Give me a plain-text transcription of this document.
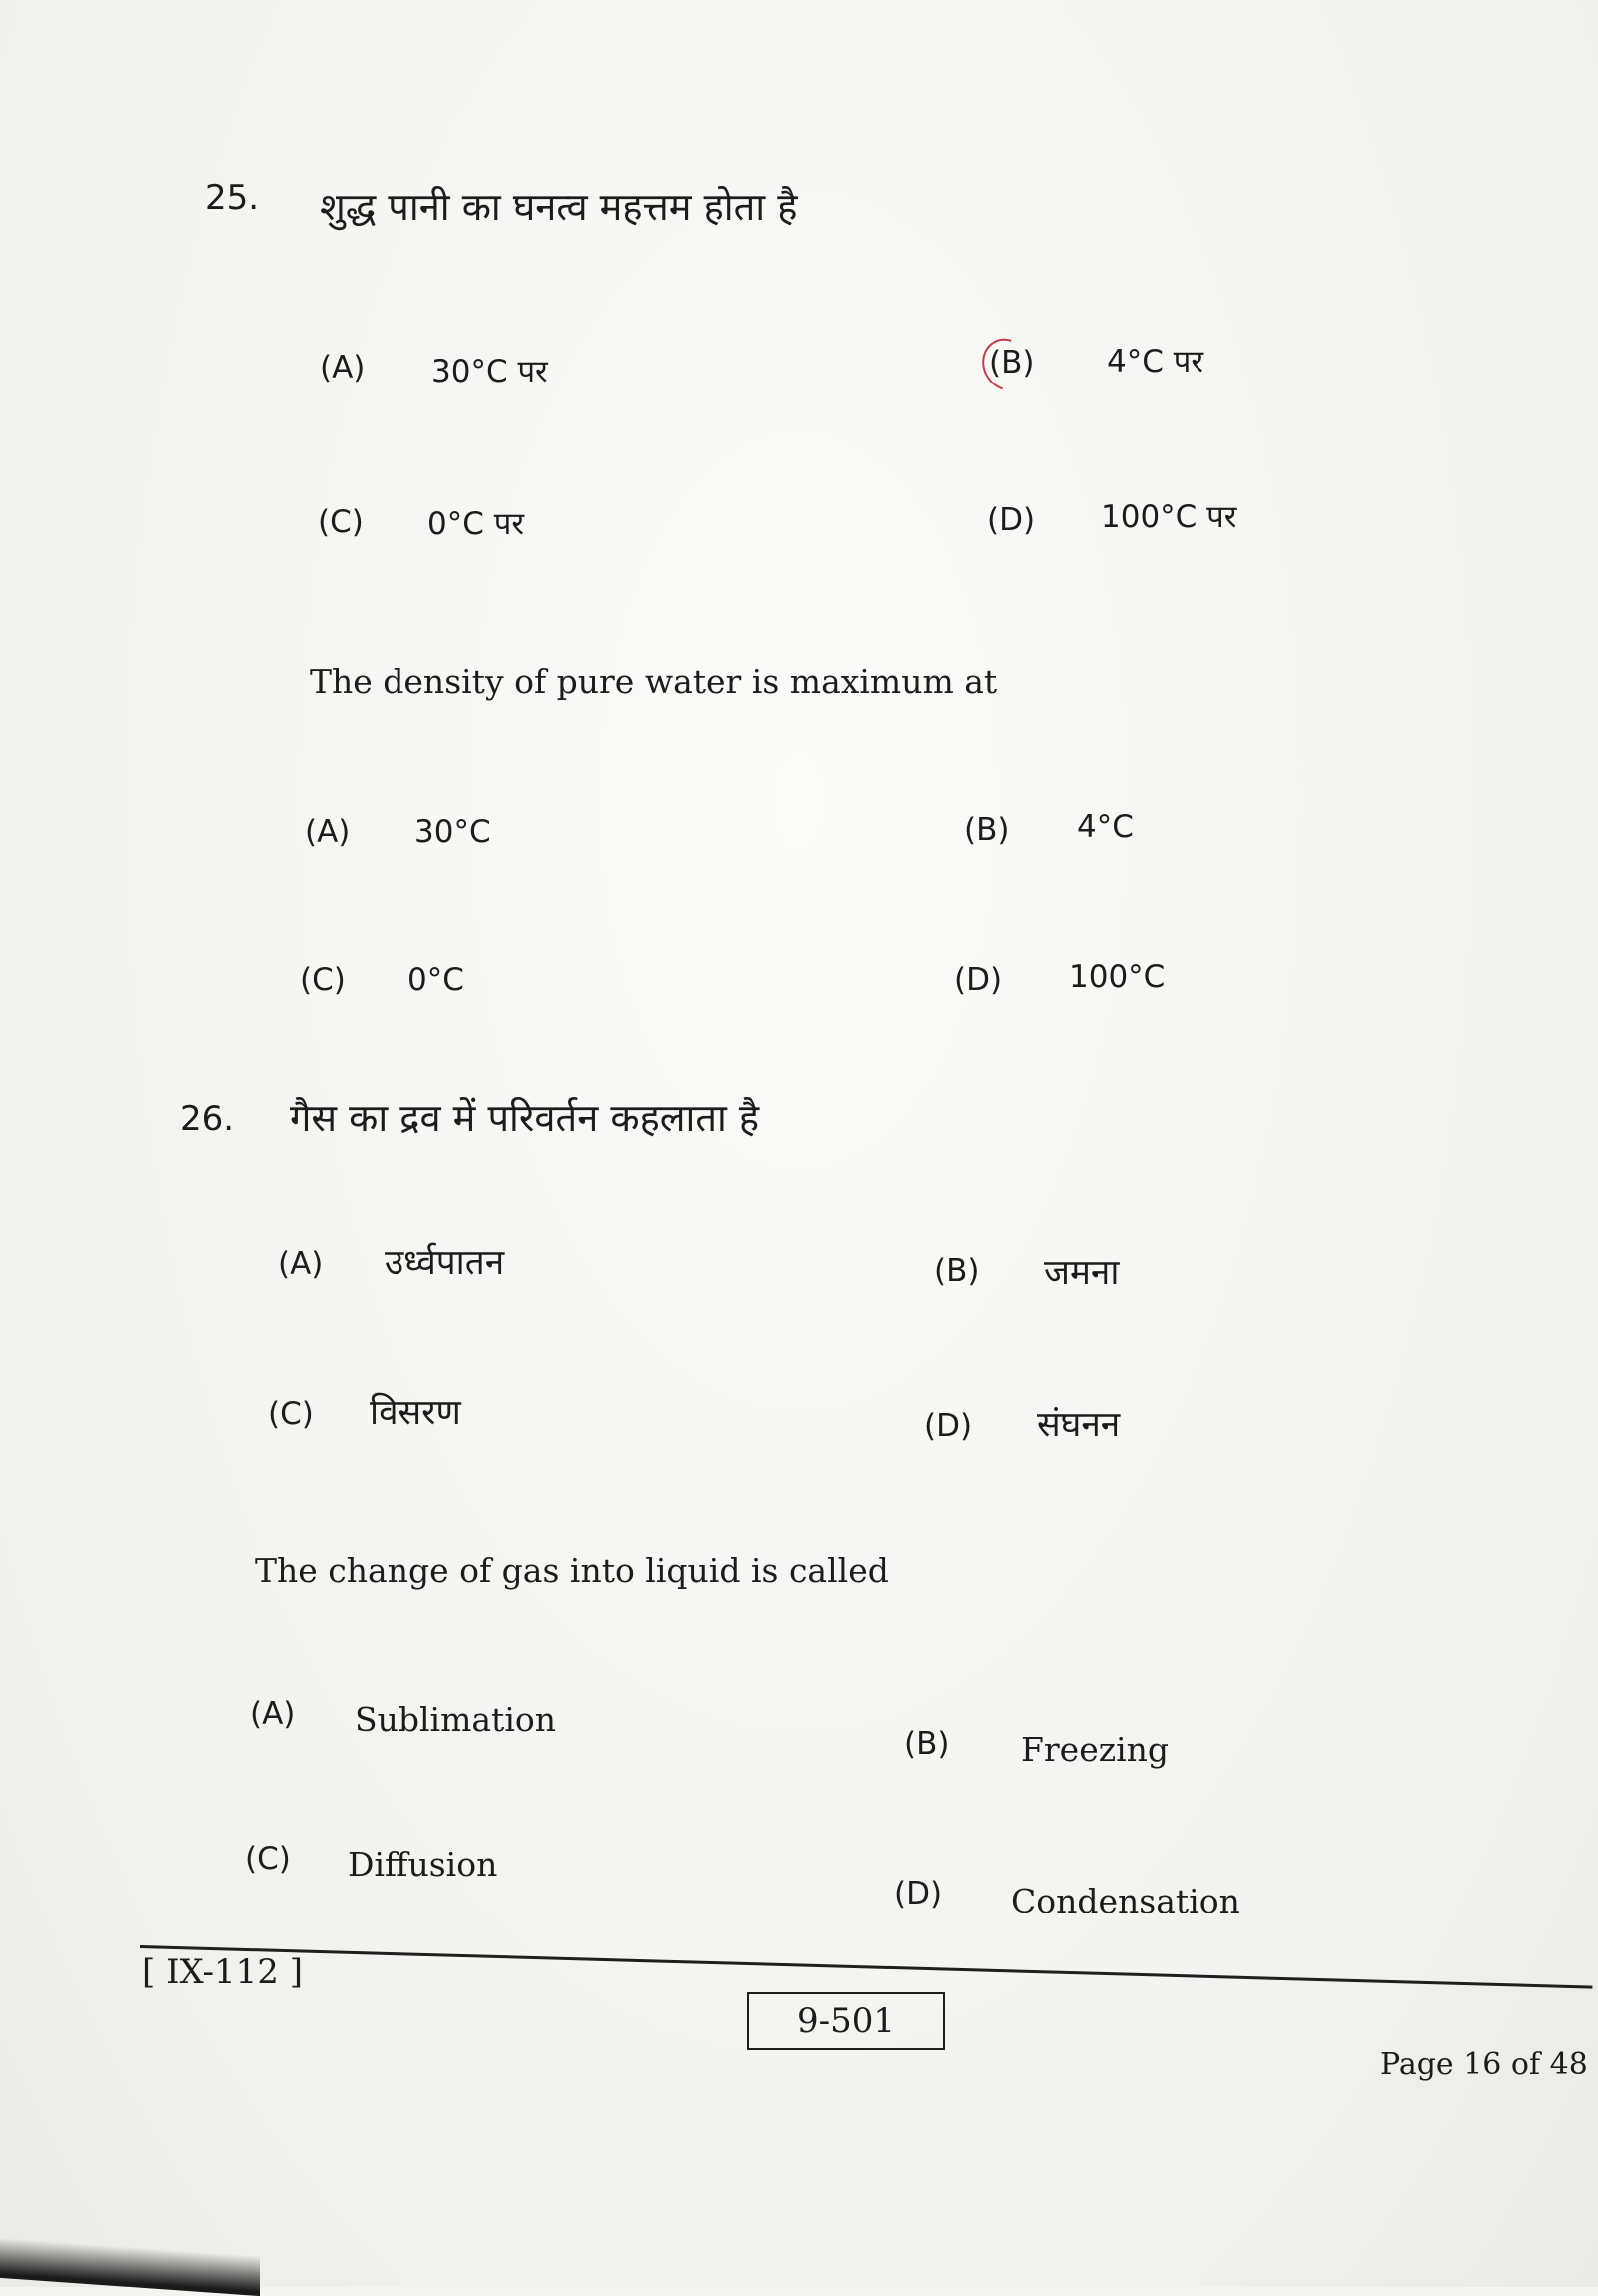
25. शुद्ध पानी का घनत्व महत्तम होता है
(A) 30°C पर	(B) 4°C पर
(C) 0°C पर	(D) 100°C पर
The density of pure water is maximum at
(A) 30°C	(B) 4°C
(C) 0°C	(D) 100°C
26. गैस का द्रव में परिवर्तन कहलाता है
(A) उर्ध्वपातन	(B) जमना
(C) विसरण	(D) संघनन
The change of gas into liquid is called
(A) Sublimation
(B) Freezing
(C) Diffusion
(D) Condensation
[ IX-112 ]
9-501
Page 16 of 48
